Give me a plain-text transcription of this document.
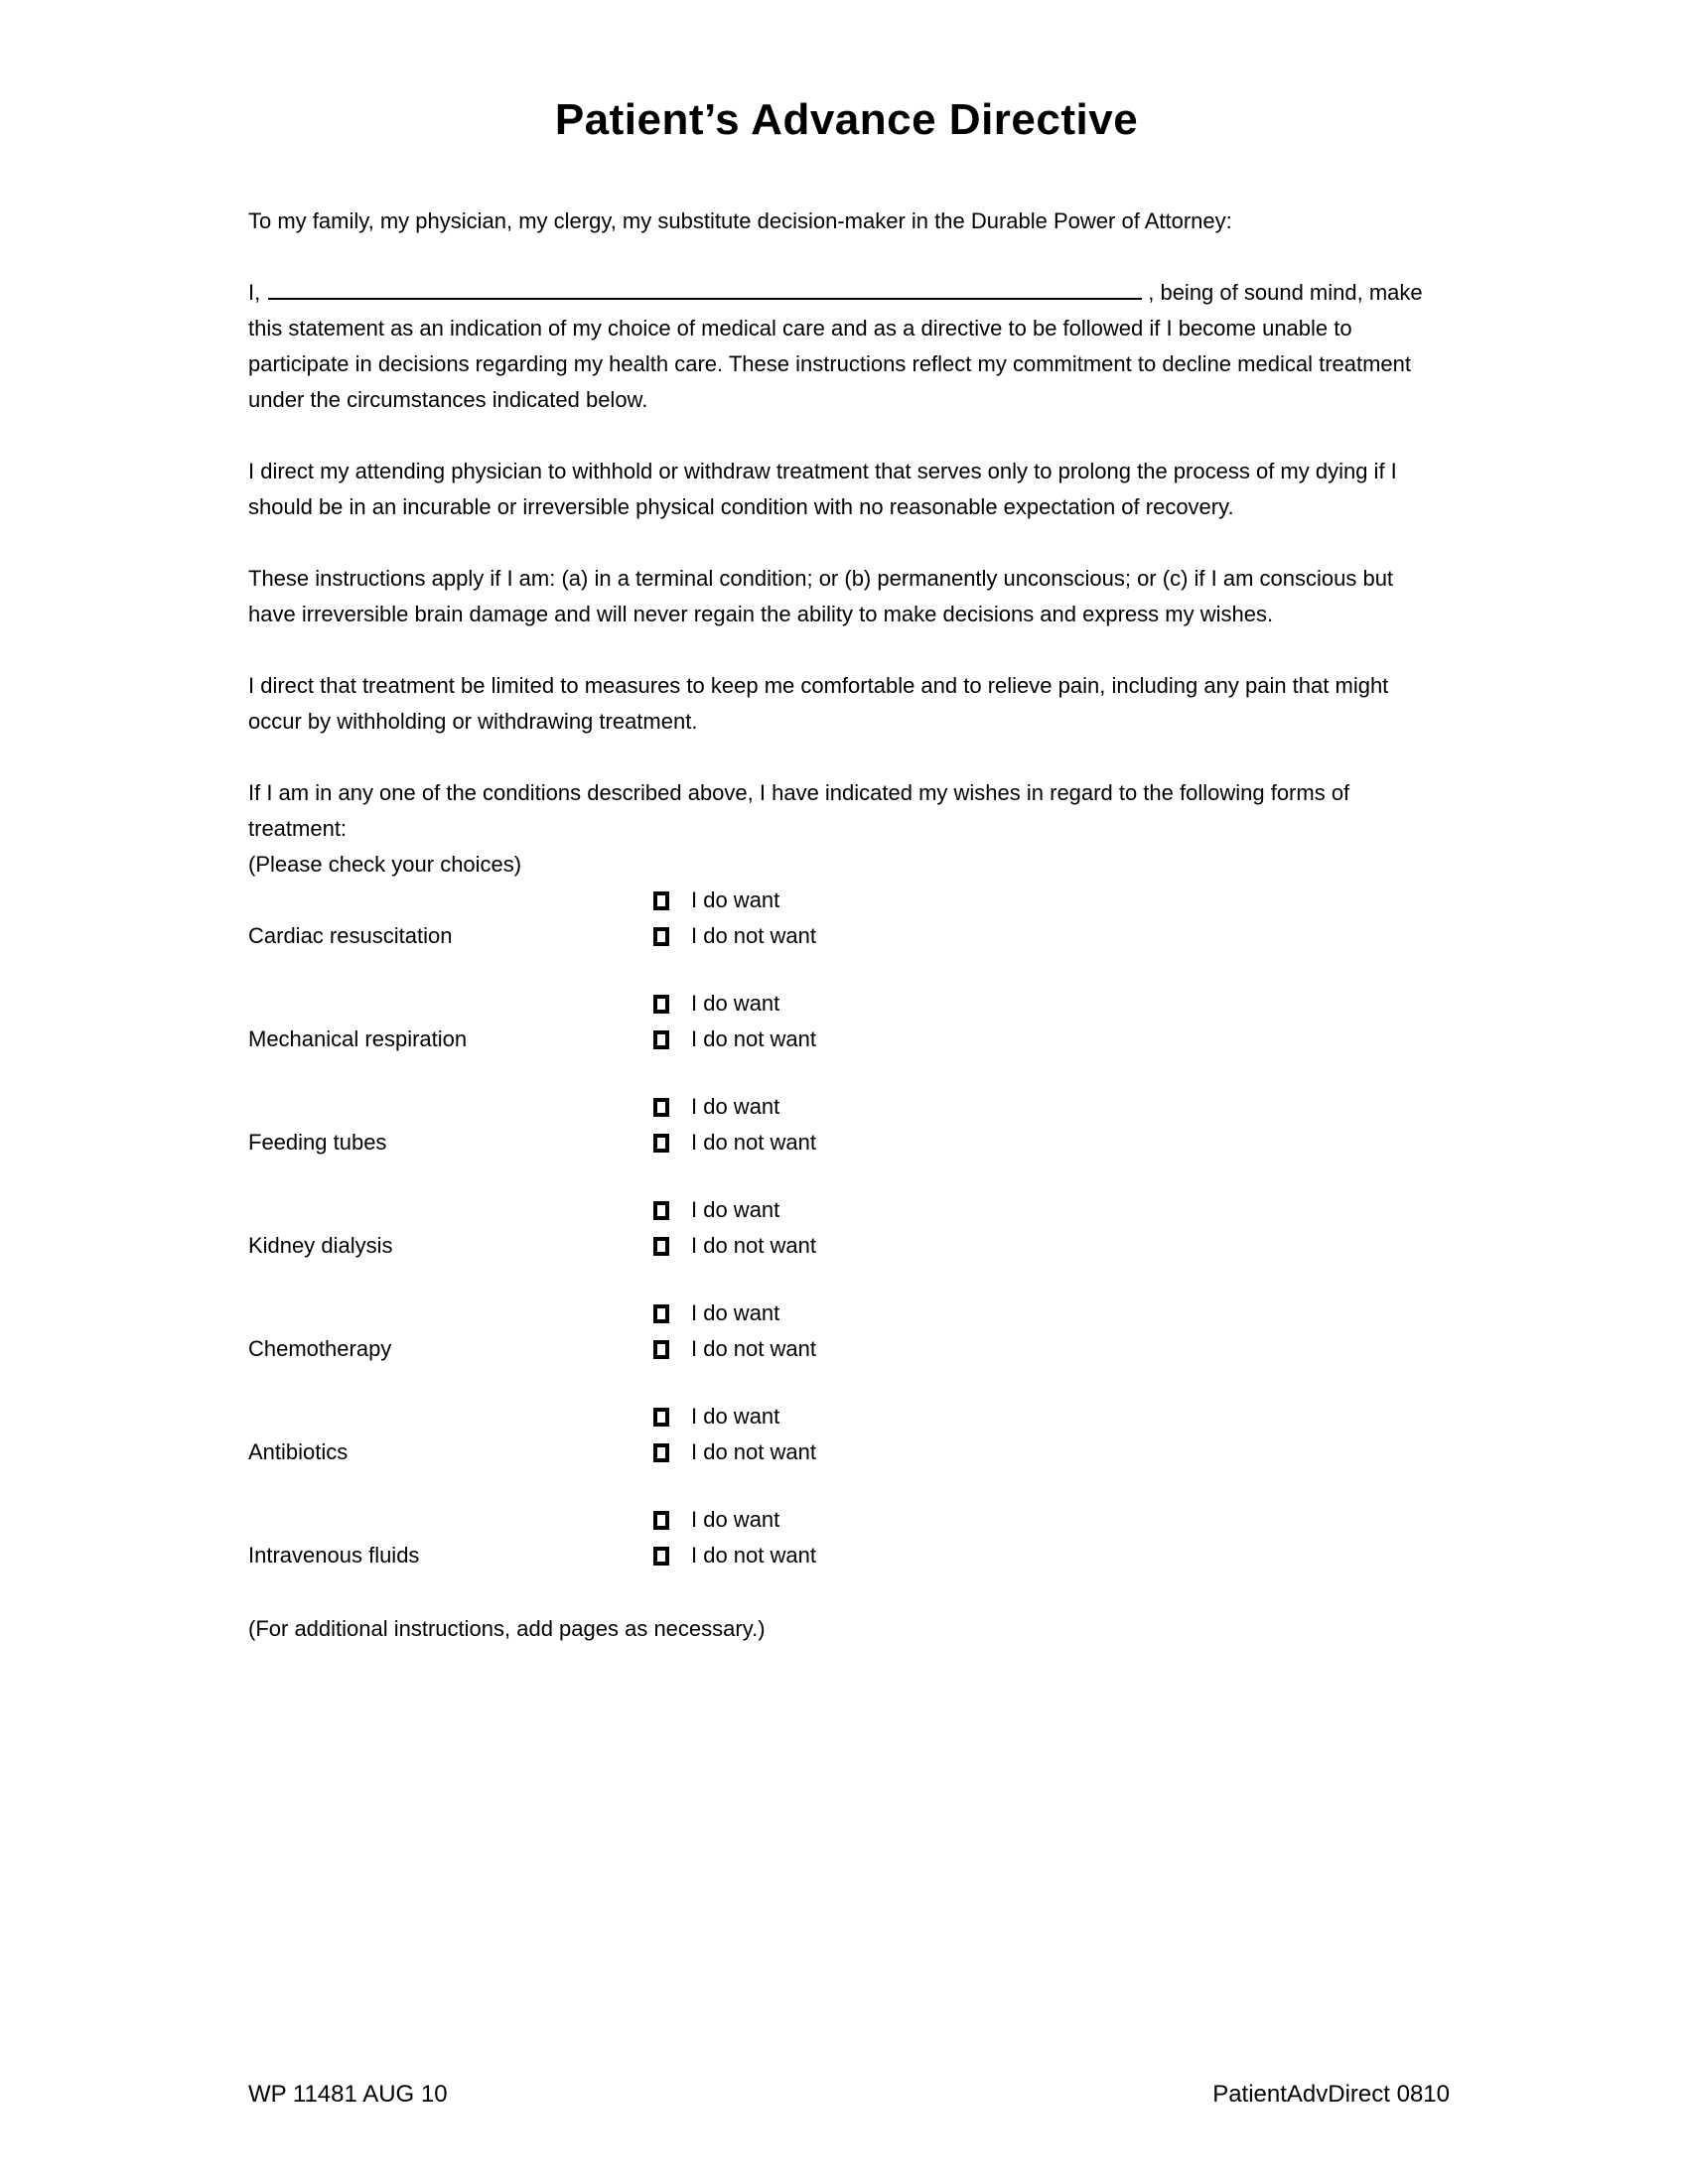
Patient’s Advance Directive

To my family, my physician, my clergy, my substitute decision-maker in the Durable Power of Attorney:

I,	, being of sound mind, make this statement as an indication of my choice of medical care and as a directive to be followed if I become unable to participate in decisions regarding my health care. These instructions reflect my commitment to decline medical treatment under the circumstances indicated below.

I direct my attending physician to withhold or withdraw treatment that serves only to prolong the process of my dying if I should be in an incurable or irreversible physical condition with no reasonable expectation of recovery.

These instructions apply if I am: (a) in a terminal condition; or (b) permanently unconscious; or (c) if I am conscious but have irreversible brain damage and will never regain the ability to make decisions and express my wishes.

I direct that treatment be limited to measures to keep me comfortable and to relieve pain, including any pain that might occur by withholding or withdrawing treatment.

If I am in any one of the conditions described above, I have indicated my wishes in regard to the following forms of treatment:

(Please check your choices)

I do want
Cardiac resuscitation	I do not want
I do want
Mechanical respiration	I do not want
I do want
Feeding tubes	I do not want
I do want
Kidney dialysis	I do not want
I do want
Chemotherapy	I do not want
I do want
Antibiotics	I do not want
I do want
Intravenous fluids	I do not want

(For additional instructions, add pages as necessary.)

WP 11481 AUG 10	PatientAdvDirect 0810
